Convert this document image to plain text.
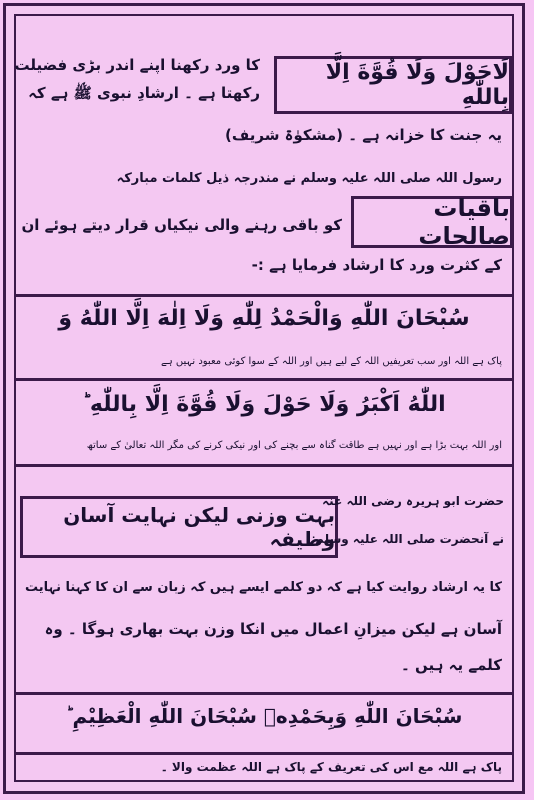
لَاحَوْلَ وَلَا قُوَّةَ اِلَّا بِاللّٰهِ
کا ورد رکھنا اپنے اندر بڑی فضیلت
رکھتا ہے ۔ ارشادِ نبوی ﷺ ہے کہ
یہ جنت کا خزانہ ہے ۔ (مشکوٰۃ شریف)
رسول اللہ صلی اللہ علیہ وسلم نے مندرجہ ذیل کلمات مبارکہ
باقیات صالحات
کو باقی رہنے والی نیکیاں قرار دیتے ہوئے ان
کے کثرت ورد کا ارشاد فرمایا ہے :-
سُبْحَانَ اللّٰهِ وَالْحَمْدُ لِلّٰهِ وَلَا اِلٰهَ اِلَّا اللّٰهُ وَ
پاک ہے اللہ اور سب تعریفیں اللہ کے لیے ہیں اور اللہ کے سوا کوئی معبود نہیں ہے
اللّٰهُ اَكْبَرُ وَلَا حَوْلَ وَلَا قُوَّةَ اِلَّا بِاللّٰهِ ؕ
اور اللہ بہت بڑا ہے اور نہیں ہے طاقت گناہ سے بچنے کی اور نیکی کرنے کی مگر اللہ تعالیٰ کے ساتھ
بہت وزنی لیکن نہایت آسان وظیفہ
حضرت ابو ہریرہ رضی اللہ عنہ
نے آنحضرت صلی اللہ علیہ وسلم
کا یہ ارشاد روایت کیا ہے کہ دو کلمے ایسے ہیں کہ زبان سے ان کا کہنا نہایت
آسان ہے لیکن میزانِ اعمال میں انکا وزن بہت بھاری ہوگا ۔ وہ
کلمے یہ ہیں ۔
سُبْحَانَ اللّٰهِ وَبِحَمْدِهٖ سُبْحَانَ اللّٰهِ الْعَظِيْمِ ؕ
پاک ہے اللہ مع اس کی تعریف کے پاک ہے اللہ عظمت والا ۔
